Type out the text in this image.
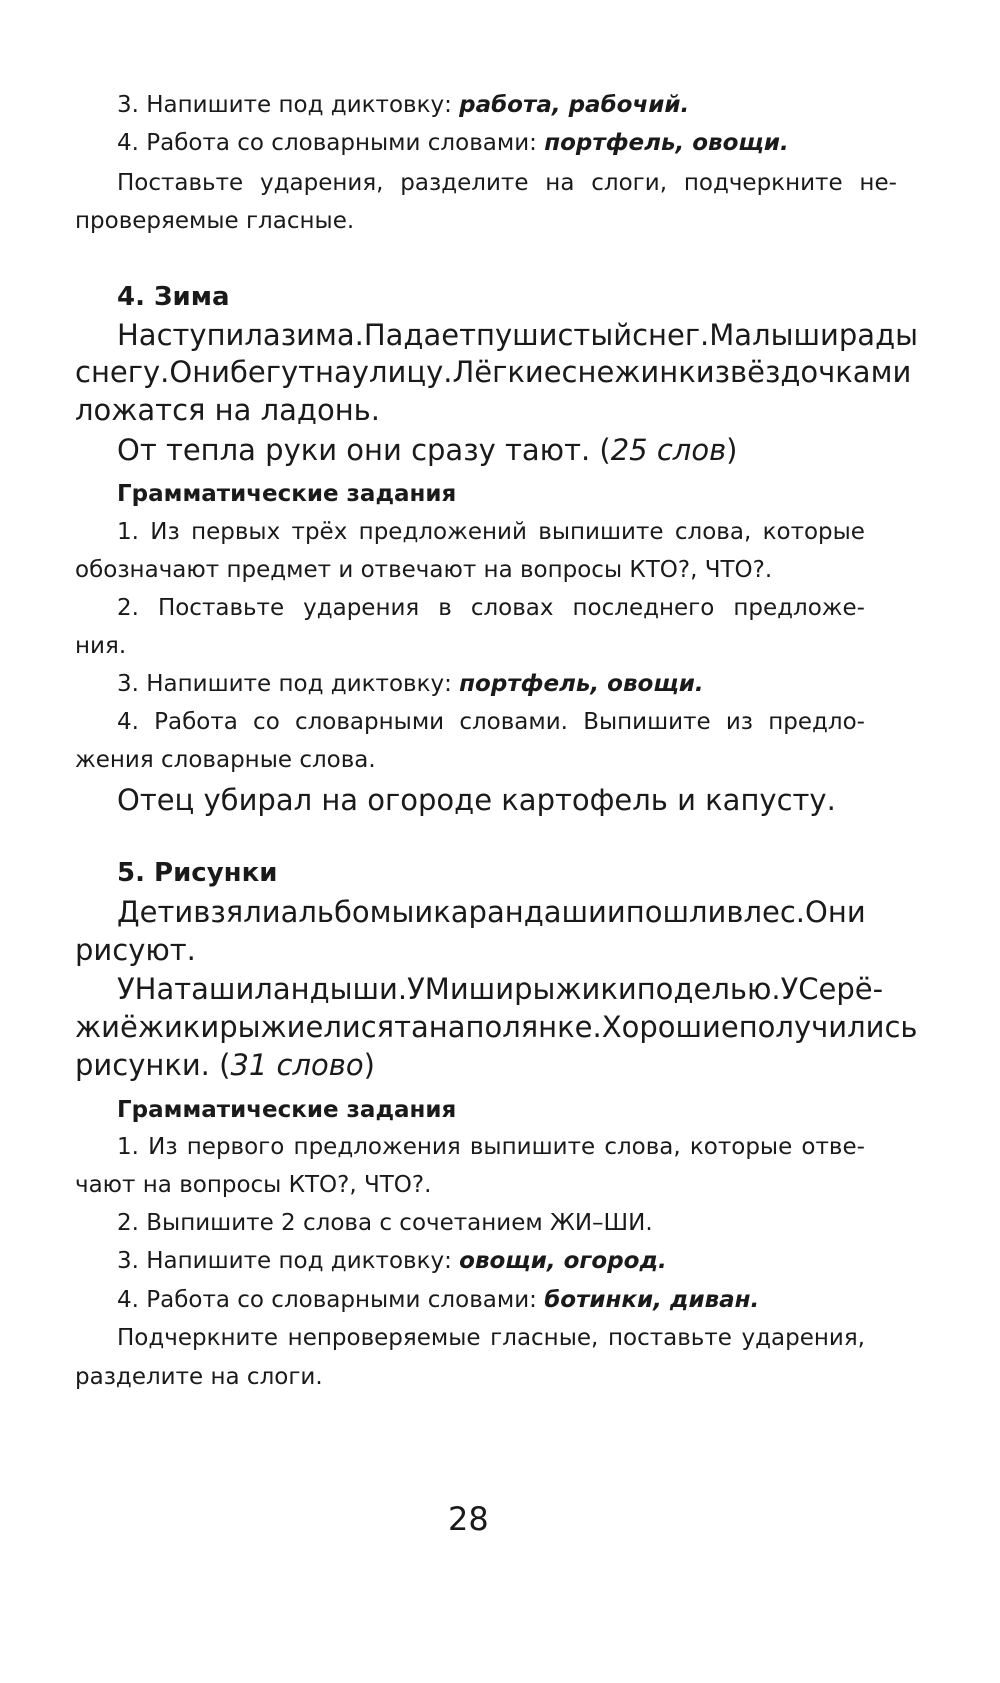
3. Напишите под диктовку: работа, рабочий.
4. Работа со словарными словами: портфель, овощи.
Поставьте ударения, разделите на слоги, подчеркните не-
проверяемые гласные.
4. Зима
Наступила зима. Падает пушистый снег. Малыши рады
снегу. Они бегут на улицу. Лёгкие снежинки звёздочками
ложатся на ладонь.
От тепла руки они сразу тают. (25 слов)
Грамматические задания
1. Из первых трёх предложений выпишите слова, которые
обозначают предмет и отвечают на вопросы КТО?, ЧТО?.
2. Поставьте ударения в словах последнего предложе-
ния.
3. Напишите под диктовку: портфель, овощи.
4. Работа со словарными словами. Выпишите из предло-
жения словарные слова.
Отец убирал на огороде картофель и капусту.
5. Рисунки
Дети взяли альбомы и карандаши и пошли в лес. Они
рисуют.
У Наташи ландыши. У Миши рыжики под елью. У Серё-
жи ёжик и рыжие лисята на полянке. Хорошие получились
рисунки. (31 слово)
Грамматические задания
1. Из первого предложения выпишите слова, которые отве-
чают на вопросы КТО?, ЧТО?.
2. Выпишите 2 слова с сочетанием ЖИ–ШИ.
3. Напишите под диктовку: овощи, огород.
4. Работа со словарными словами: ботинки, диван.
Подчеркните непроверяемые гласные, поставьте ударения,
разделите на слоги.
28
